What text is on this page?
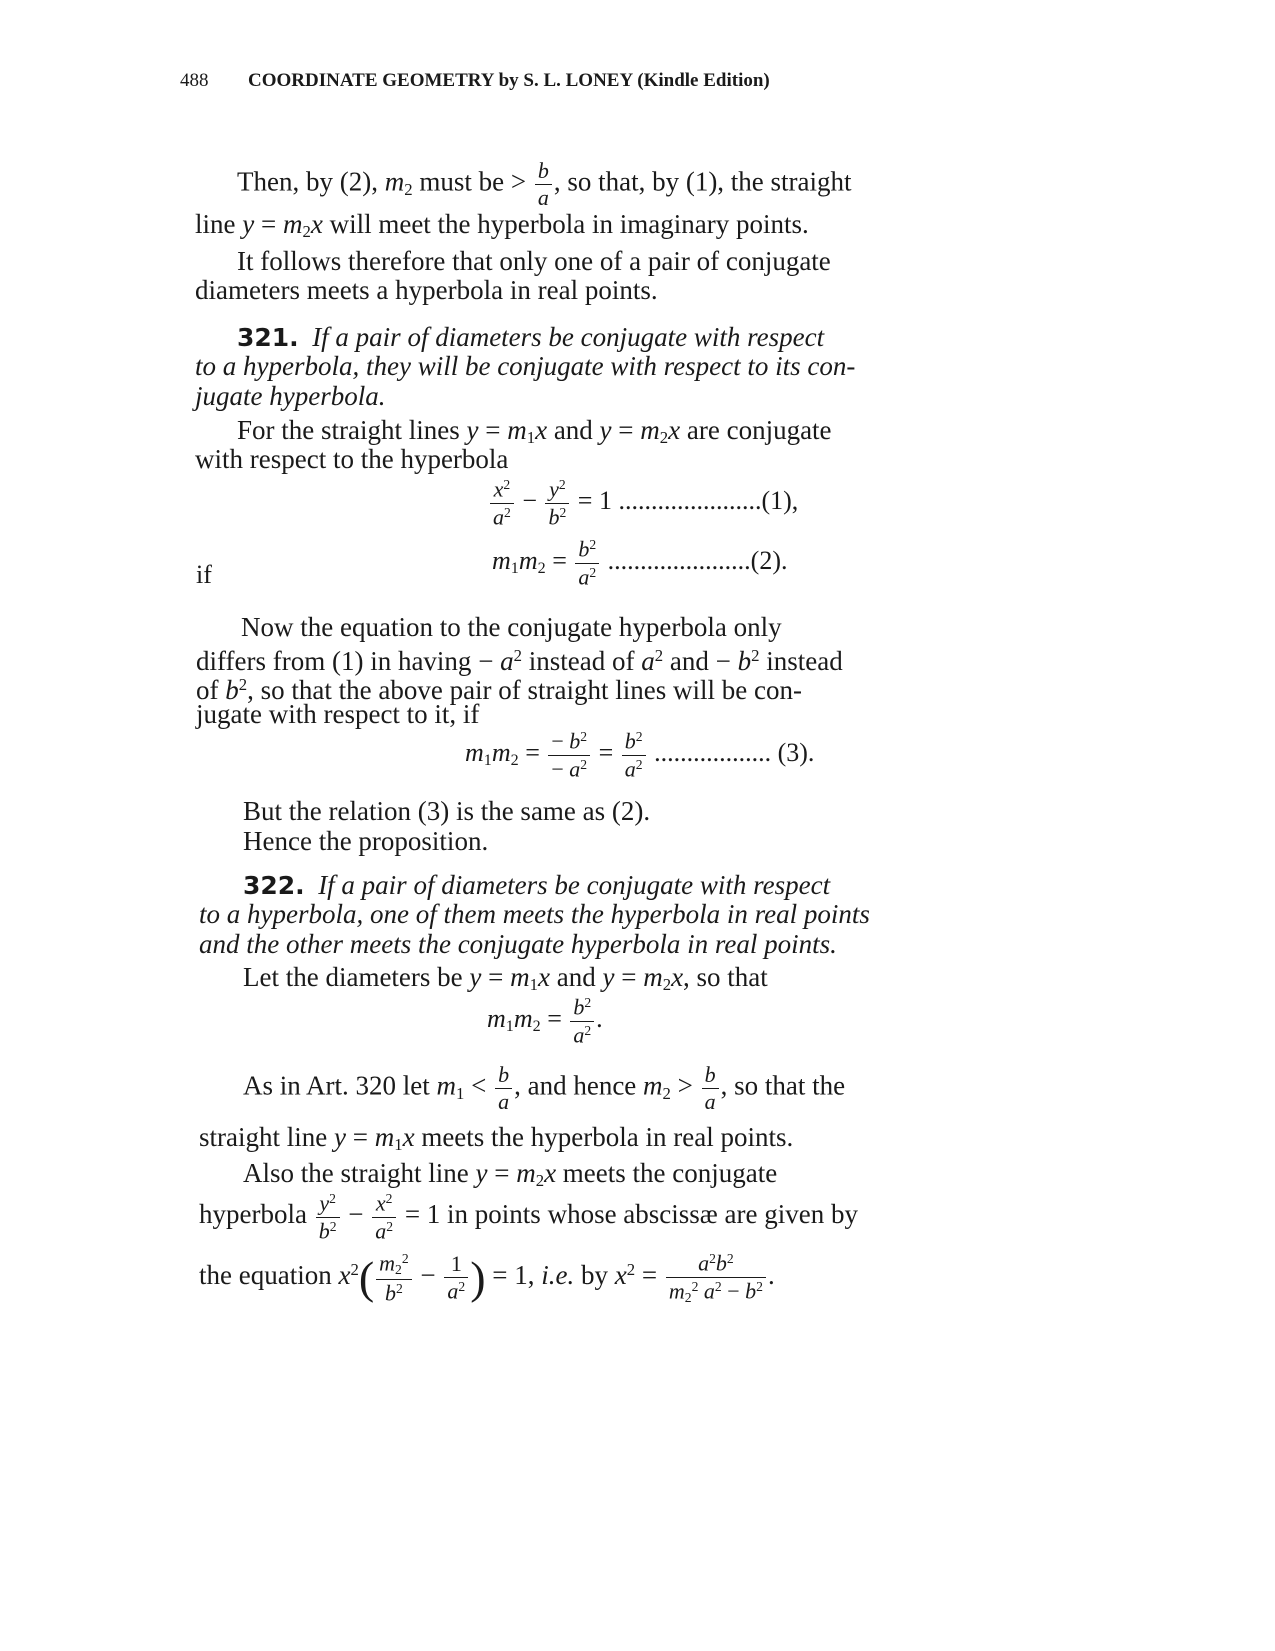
488 COORDINATE GEOMETRY by S. L. LONEY (Kindle Edition)
Then, by (2), $m_2$ must be > $\frac{b}{a}$ , so that, by (1), the straight
line $y = m_2x$ will meet the hyperbola in imaginary points.
It follows therefore that only one of a pair of conjugate
diameters meets a hyperbola in real points.
321. If a pair of diameters be conjugate with respect
to a hyperbola, they will be conjugate with respect to its con-
jugate hyperbola.
For the straight lines $y = m_1x$ and $y = m_2x$ are conjugate
with respect to the hyperbola
$\frac{x^2}{a^2} - \frac{y^2}{b^2} = 1$ ......................(1),
if	$m_1m_2 = \frac{b^2}{a^2} ......................(2)$.
Now the equation to the conjugate hyperbola only
differs from (1) in having − $a^2$ instead of $a^2$ and − $b^2$ instead
of $b^2$, so that the above pair of straight lines will be con-
jugate with respect to it, if
$m_1m_2 = \frac{- b^2}{- a^2} = \frac{b^2}{a^2}$ .................. (3).
But the relation (3) is the same as (2).
Hence the proposition.
322. If a pair of diameters be conjugate with respect
to a hyperbola, one of them meets the hyperbola in real points
and the other meets the conjugate hyperbola in real points.
Let the diameters be $y = m_1x$ and $y = m_2x$, so that
$m_1m_2 = \frac{b^2}{a^2}$ .
As in Art. 320 let $m_1 < \frac{b}{a}$ , and hence $m_2 > \frac{b}{a}$ , so that the
straight line $y = m_1x$ meets the hyperbola in real points.
Also the straight line $y = m_2x$ meets the conjugate
hyperbola $\frac{y^2}{b^2} - \frac{x^2}{a^2} = 1$ in points whose abscissæ are given by
the equation $x^2( \frac{m_2^2}{b^2} - \frac{1}{a^2}$ ) = 1, i.e. by $x^2 = \frac{a^2b^2}{m_2^2 a^2 - b^2}$ .
